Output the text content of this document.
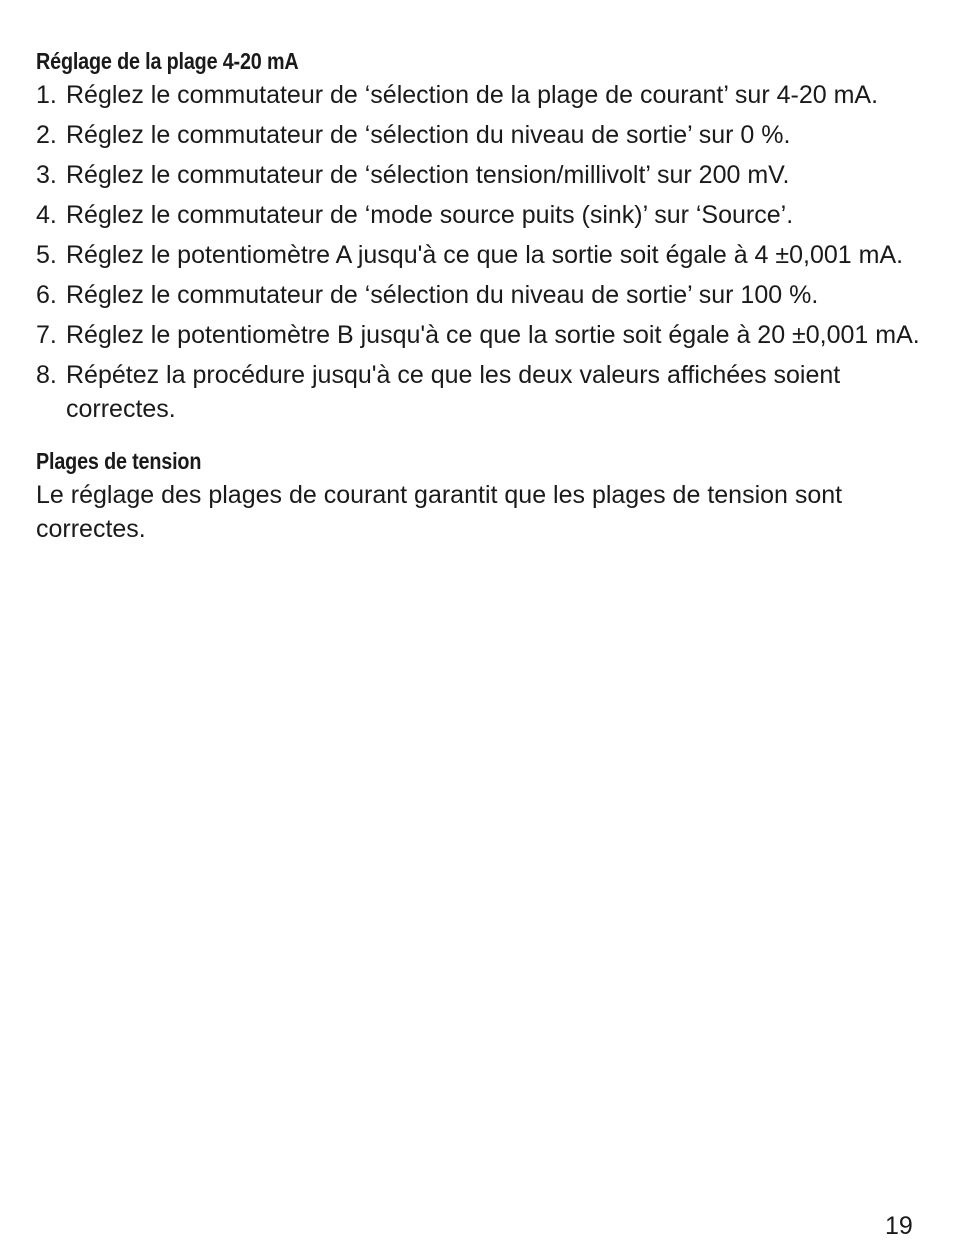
Réglage de la plage 4-20 mA
1. Réglez le commutateur de ‘sélection de la plage de courant’ sur 4-20 mA.
2. Réglez le commutateur de ‘sélection du niveau de sortie’ sur 0 %.
3. Réglez le commutateur de ‘sélection tension/millivolt’ sur 200 mV.
4. Réglez le commutateur de ‘mode source puits (sink)’ sur ‘Source’.
5. Réglez le potentiomètre A jusqu'à ce que la sortie soit égale à 4 ±0,001 mA.
6. Réglez le commutateur de ‘sélection du niveau de sortie’ sur 100 %.
7. Réglez le potentiomètre B jusqu'à ce que la sortie soit égale à 20 ±0,001 mA.
8. Répétez la procédure jusqu'à ce que les deux valeurs affichées soient correctes.
Plages de tension

Le réglage des plages de courant garantit que les plages de tension sont correctes.

19
